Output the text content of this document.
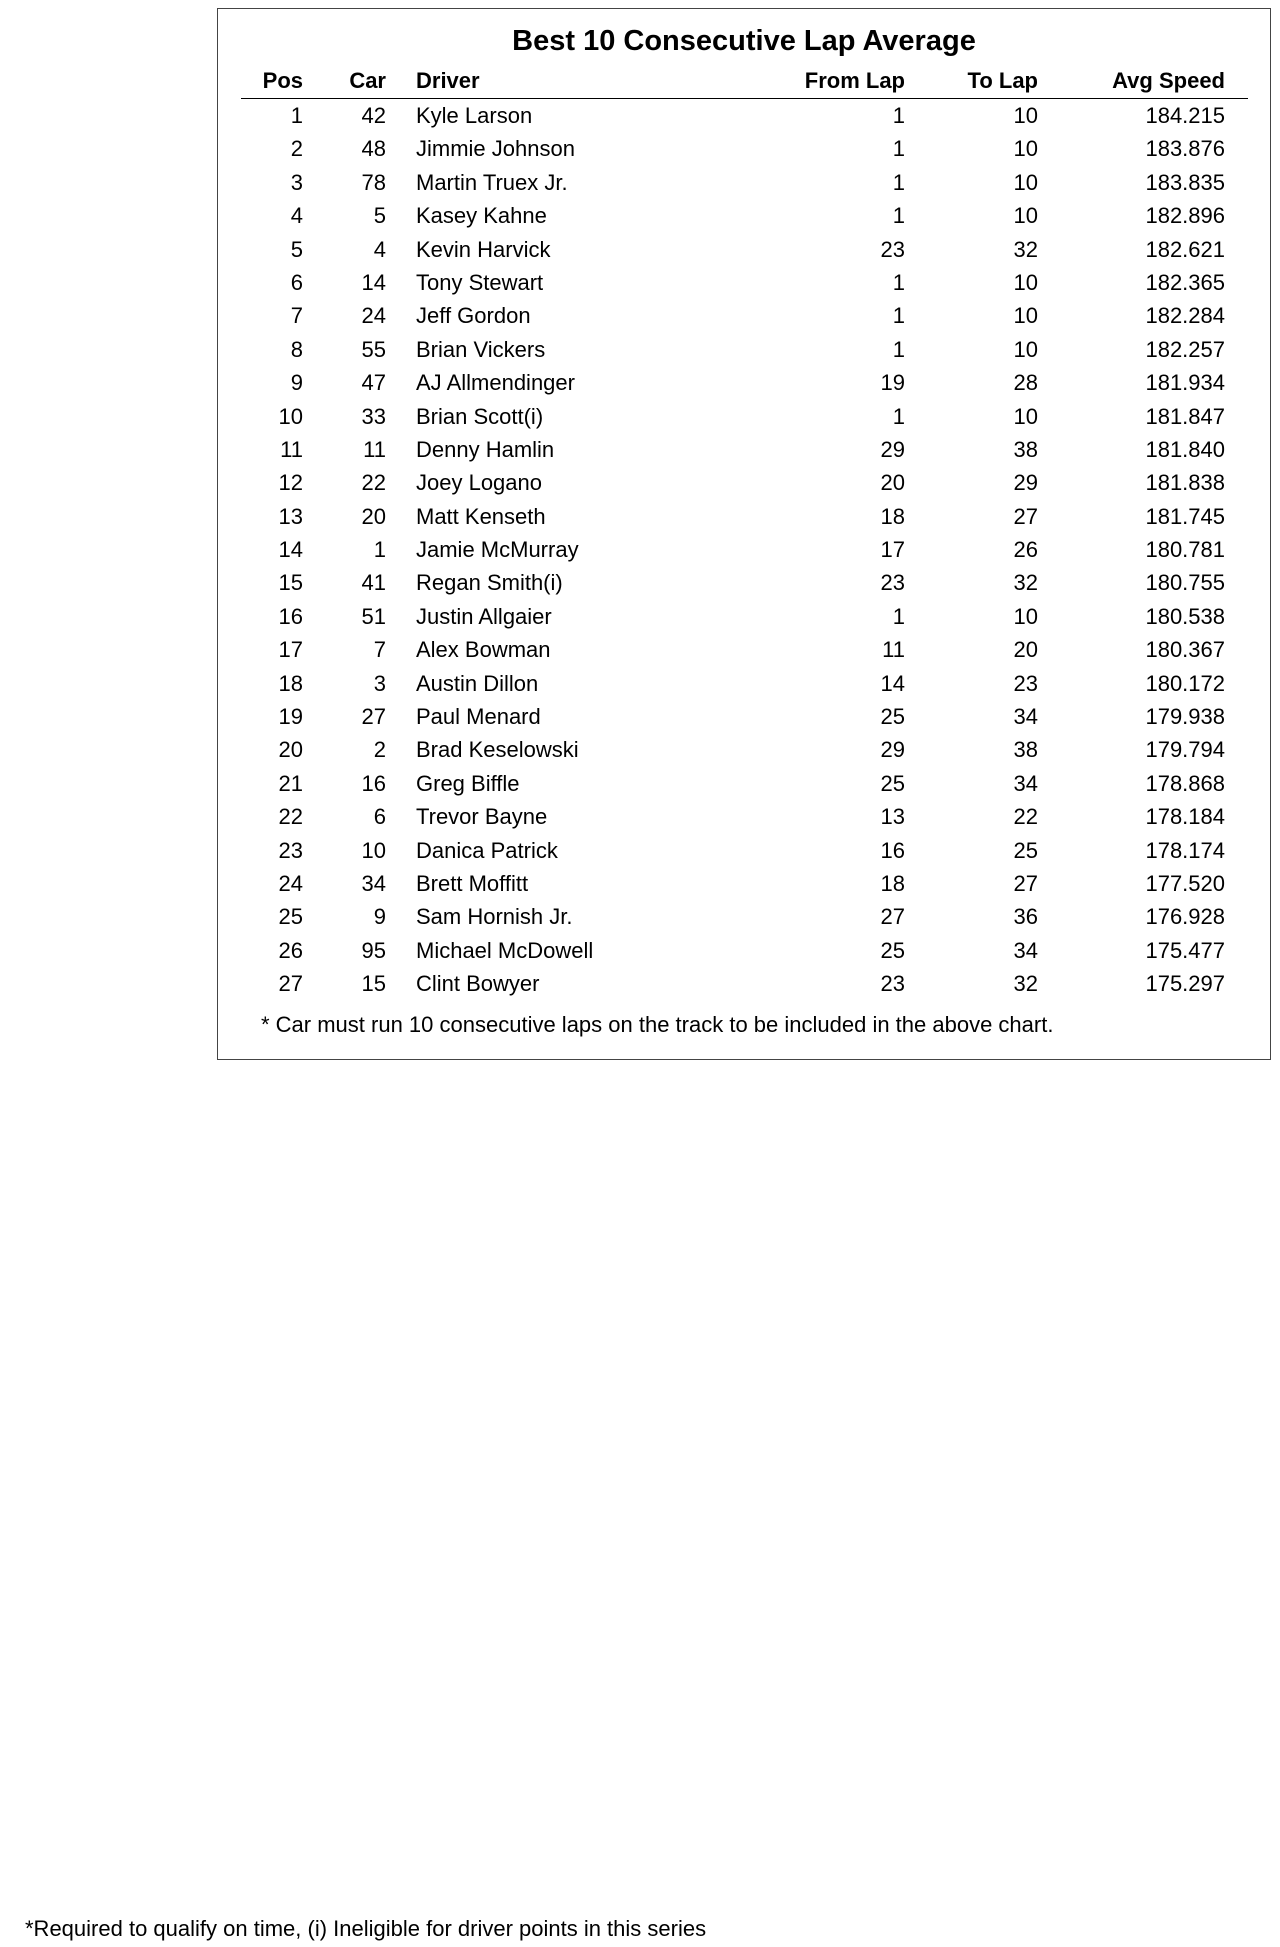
Best 10 Consecutive Lap Average
Pos Car Driver	From Lap	To Lap	Avg Speed
1	42 Kyle Larson	1	10	184.215
2	48 Jimmie Johnson	1	10	183.876
3	78 Martin Truex Jr.	1	10	183.835
4	5 Kasey Kahne	1	10	182.896
5	4 Kevin Harvick	23	32	182.621
6	14 Tony Stewart	1	10	182.365
7	24 Jeff Gordon	1	10	182.284
8	55 Brian Vickers	1	10	182.257
9	47 AJ Allmendinger	19	28	181.934
10	33 Brian Scott(i)	1	10	181.847
11	11 Denny Hamlin	29	38	181.840
12	22 Joey Logano	20	29	181.838
13	20 Matt Kenseth	18	27	181.745
14	1 Jamie McMurray	17	26	180.781
15	41 Regan Smith(i)	23	32	180.755
16	51 Justin Allgaier	1	10	180.538
17	7 Alex Bowman	11	20	180.367
18	3 Austin Dillon	14	23	180.172
19	27 Paul Menard	25	34	179.938
20	2 Brad Keselowski	29	38	179.794
21	16 Greg Biffle	25	34	178.868
22	6 Trevor Bayne	13	22	178.184
23	10 Danica Patrick	16	25	178.174
24	34 Brett Moffitt	18	27	177.520
25	9 Sam Hornish Jr.	27	36	176.928
26	95 Michael McDowell	25	34	175.477
27	15 Clint Bowyer	23	32	175.297
* Car must run 10 consecutive laps on the track to be included in the above chart.
*Required to qualify on time, (i) Ineligible for driver points in this series
